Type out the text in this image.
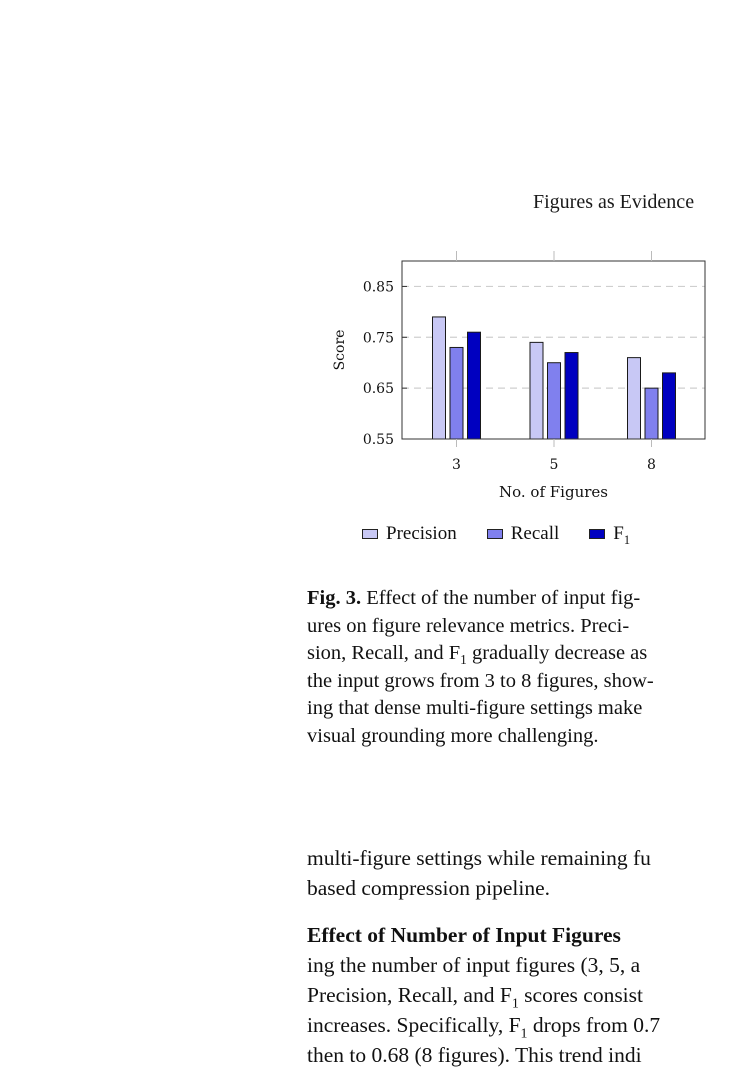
Figures as Evidence
0.55
0.65
0.75
0.85
3	5	8
Score
No. of Figures
Precision	Recall	$F_1$
Fig. 3. Effect of the number of input fig-
ures on figure relevance metrics. Preci-
sion, Recall, and $F_1$ gradually decrease as
the input grows from 3 to 8 figures, show-
ing that dense multi-figure settings make
visual grounding more challenging.
multi-figure settings while remaining fu
based compression pipeline.
Effect of Number of Input Figures
ing the number of input figures (3, 5, a
Precision, Recall, and $F_1$ scores consist
increases. Specifically, $F_1$ drops from 0.7
then to 0.68 (8 figures). This trend indi
